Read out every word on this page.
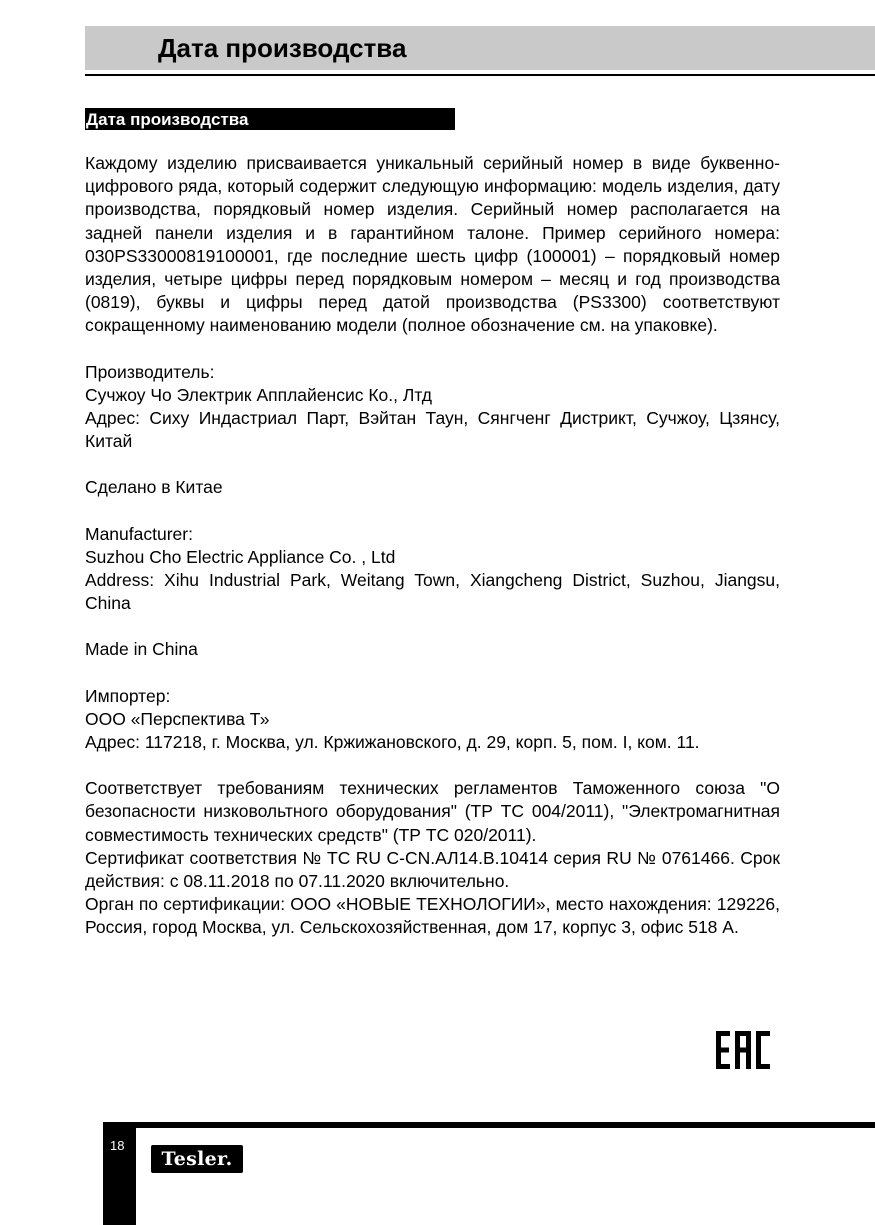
Дата производства
Дата производства

Каждому изделию присваивается уникальный серийный номер в виде буквенно-цифрового ряда, который содержит следующую информацию: модель изделия, дату производства, порядковый номер изделия. Серийный номер располагается на задней панели изделия и в гарантийном талоне. Пример серийного номера: 030PS33000819100001, где последние шесть цифр (100001) – порядковый номер изделия, четыре цифры перед порядковым номером – месяц и год производства (0819), буквы и цифры перед датой производства (PS3300) соответствуют сокращенному наименованию модели (полное обозначение см. на упаковке).

Производитель:
Сучжоу Чо Электрик Апплайенсис Ко., Лтд
Адрес: Сиху Индастриал Парт, Вэйтан Таун, Сянгченг Дистрикт, Сучжоу, Цзянсу, Китай

Сделано в Китае

Manufacturer:
Suzhou Cho Electric Appliance Co. , Ltd
Address: Xihu Industrial Park, Weitang Town, Xiangcheng District, Suzhou, Jiangsu, China

Made in China

Импортер:
ООО «Перспектива Т»
Адрес: 117218, г. Москва, ул. Кржижановского, д. 29, корп. 5, пом. I, ком. 11.

Соответствует требованиям технических регламентов Таможенного союза "О безопасности низковольтного оборудования" (ТР ТС 004/2011), "Электромагнитная совместимость технических средств" (ТР ТС 020/2011).
Сертификат соответствия № ТС RU C-CN.АЛ14.В.10414 серия RU № 0761466. Срок действия: с 08.11.2018 по 07.11.2020 включительно.
Орган по сертификации: ООО «НОВЫЕ ТЕХНОЛОГИИ», место нахождения: 129226, Россия, город Москва, ул. Сельскохозяйственная, дом 17, корпус 3, офис 518 А.

18
Tesler.
